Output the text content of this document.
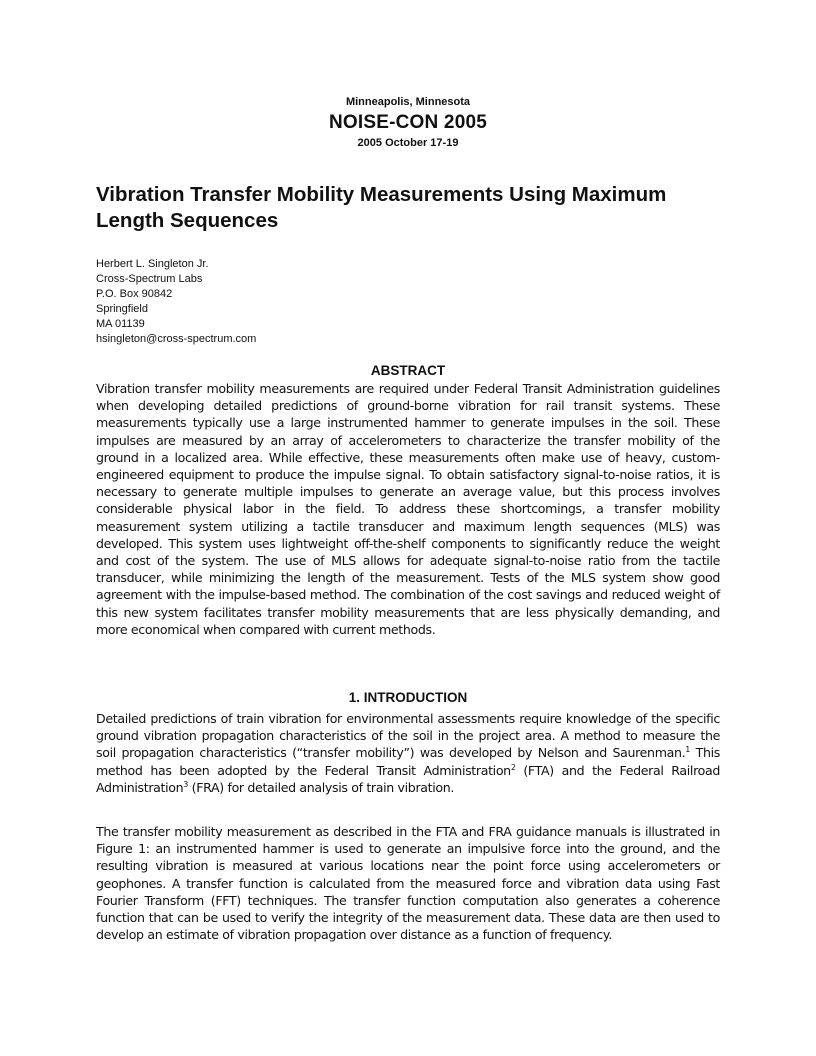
Minneapolis, Minnesota
NOISE-CON 2005
2005 October 17-19
Vibration Transfer Mobility Measurements Using Maximum Length Sequences
Herbert L. Singleton Jr.
Cross-Spectrum Labs
P.O. Box 90842
Springfield
MA 01139
hsingleton@cross-spectrum.com
ABSTRACT

Vibration transfer mobility measurements are required under Federal Transit Administration guidelines when developing detailed predictions of ground-borne vibration for rail transit systems. These measurements typically use a large instrumented hammer to generate impulses in the soil. These impulses are measured by an array of accelerometers to characterize the transfer mobility of the ground in a localized area. While effective, these measurements often make use of heavy, custom-engineered equipment to produce the impulse signal. To obtain satisfactory signal-to-noise ratios, it is necessary to generate multiple impulses to generate an average value, but this process involves considerable physical labor in the field. To address these shortcomings, a transfer mobility measurement system utilizing a tactile transducer and maximum length sequences (MLS) was developed. This system uses lightweight off-the-shelf components to significantly reduce the weight and cost of the system. The use of MLS allows for adequate signal-to-noise ratio from the tactile transducer, while minimizing the length of the measurement. Tests of the MLS system show good agreement with the impulse-based method. The combination of the cost savings and reduced weight of this new system facilitates transfer mobility measurements that are less physically demanding, and more economical when compared with current methods.

1. INTRODUCTION

Detailed predictions of train vibration for environmental assessments require knowledge of the specific ground vibration propagation characteristics of the soil in the project area. A method to measure the soil propagation characteristics (“transfer mobility”) was developed by Nelson and Saurenman.$^1$ This method has been adopted by the Federal Transit Administration$^2$ (FTA) and the Federal Railroad Administration$^3$ (FRA) for detailed analysis of train vibration.

The transfer mobility measurement as described in the FTA and FRA guidance manuals is illustrated in Figure 1: an instrumented hammer is used to generate an impulsive force into the ground, and the resulting vibration is measured at various locations near the point force using accelerometers or geophones. A transfer function is calculated from the measured force and vibration data using Fast Fourier Transform (FFT) techniques. The transfer function computation also generates a coherence function that can be used to verify the integrity of the measurement data. These data are then used to develop an estimate of vibration propagation over distance as a function of frequency.
